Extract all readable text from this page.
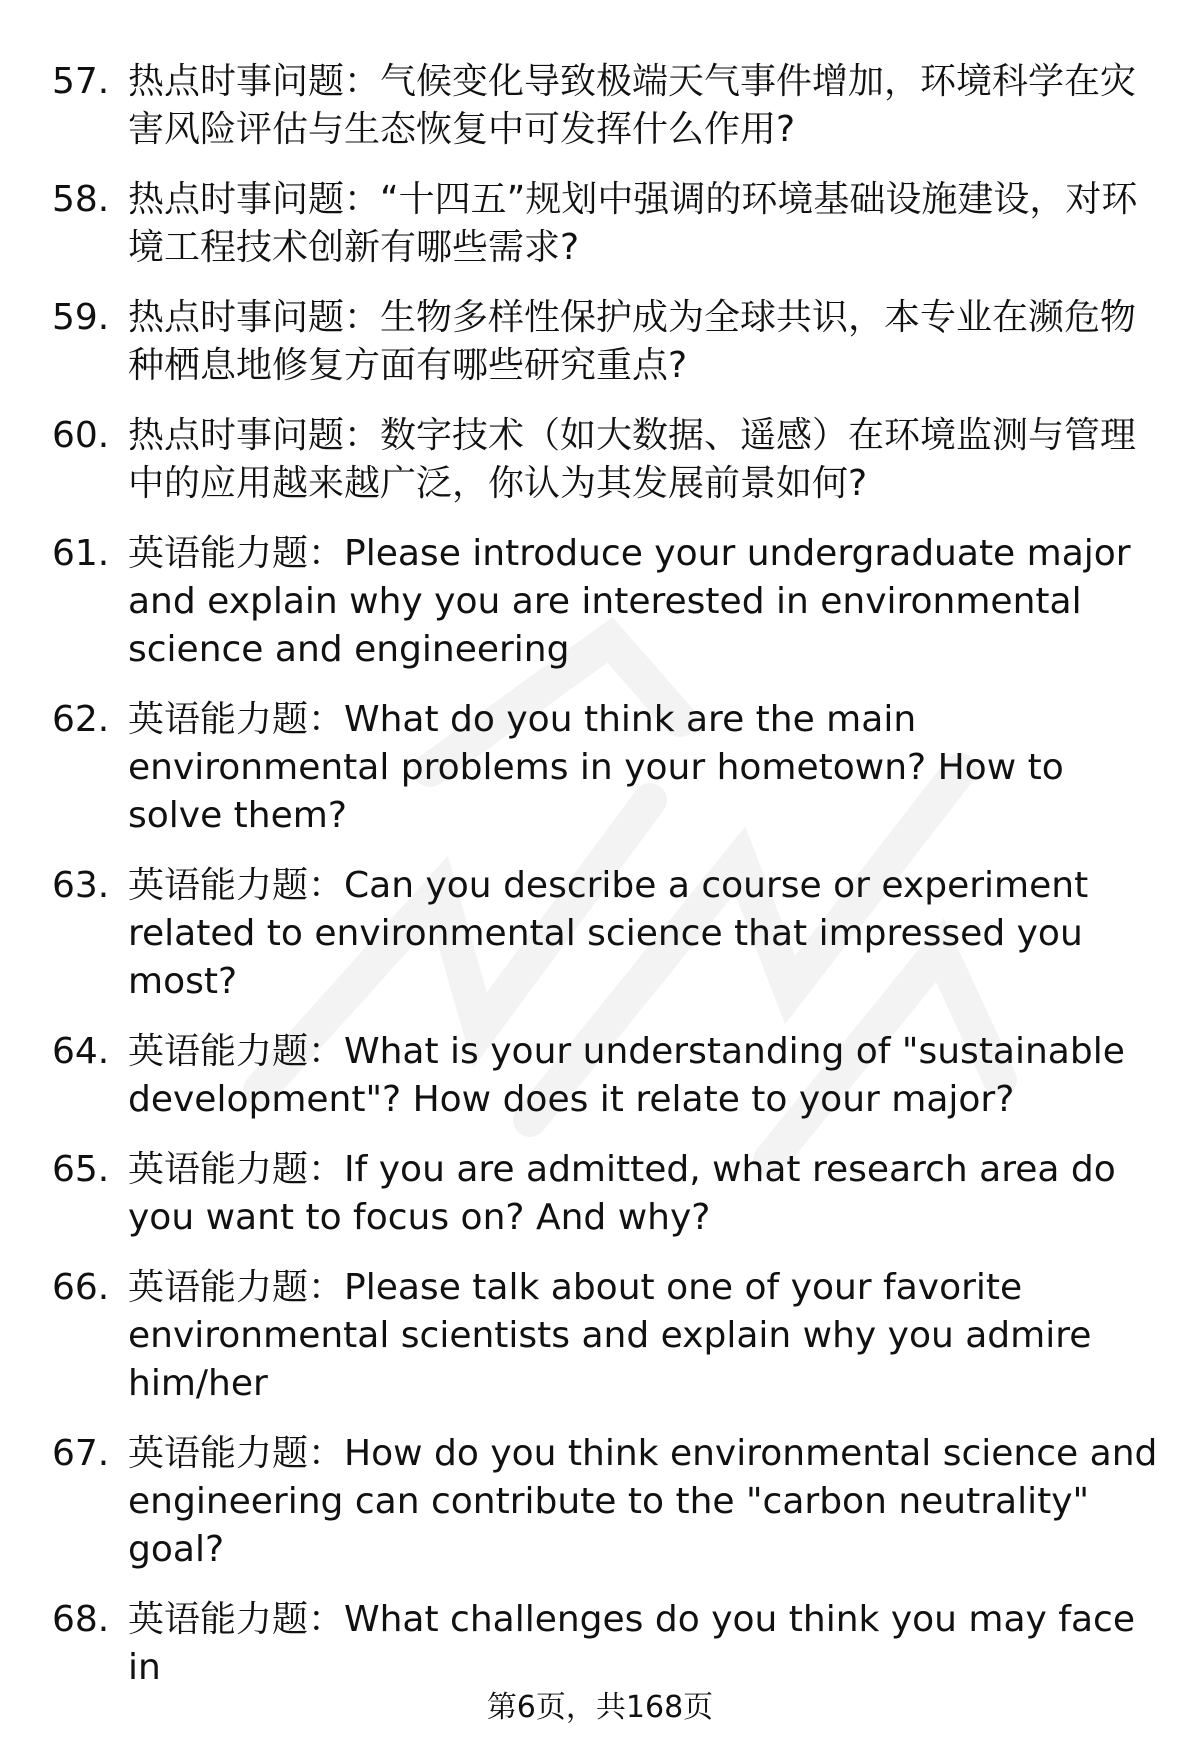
57. 热点时事问题：气候变化导致极端天气事件增加，环境科学在灾害风险评估与生态恢复中可发挥什么作用?
58. 热点时事问题：“十四五”规划中强调的环境基础设施建设，对环境工程技术创新有哪些需求?
59. 热点时事问题：生物多样性保护成为全球共识，本专业在濒危物种栖息地修复方面有哪些研究重点?
60. 热点时事问题：数字技术（如大数据、遥感）在环境监测与管理中的应用越来越广泛，你认为其发展前景如何?
61. 英语能力题：Please introduce your undergraduate major and explain why you are interested in environmental science and engineering
62. 英语能力题：What do you think are the main environmental problems in your hometown? How to solve them?
63. 英语能力题：Can you describe a course or experiment related to environmental science that impressed you most?
64. 英语能力题：What is your understanding of "sustainable development"? How does it relate to your major?
65. 英语能力题：If you are admitted, what research area do you want to focus on? And why?
66. 英语能力题：Please talk about one of your favorite environmental scientists and explain why you admire him/her
67. 英语能力题：How do you think environmental science and engineering can contribute to the "carbon neutrality" goal?
68. 英语能力题：What challenges do you think you may face in
第6页，共168页
